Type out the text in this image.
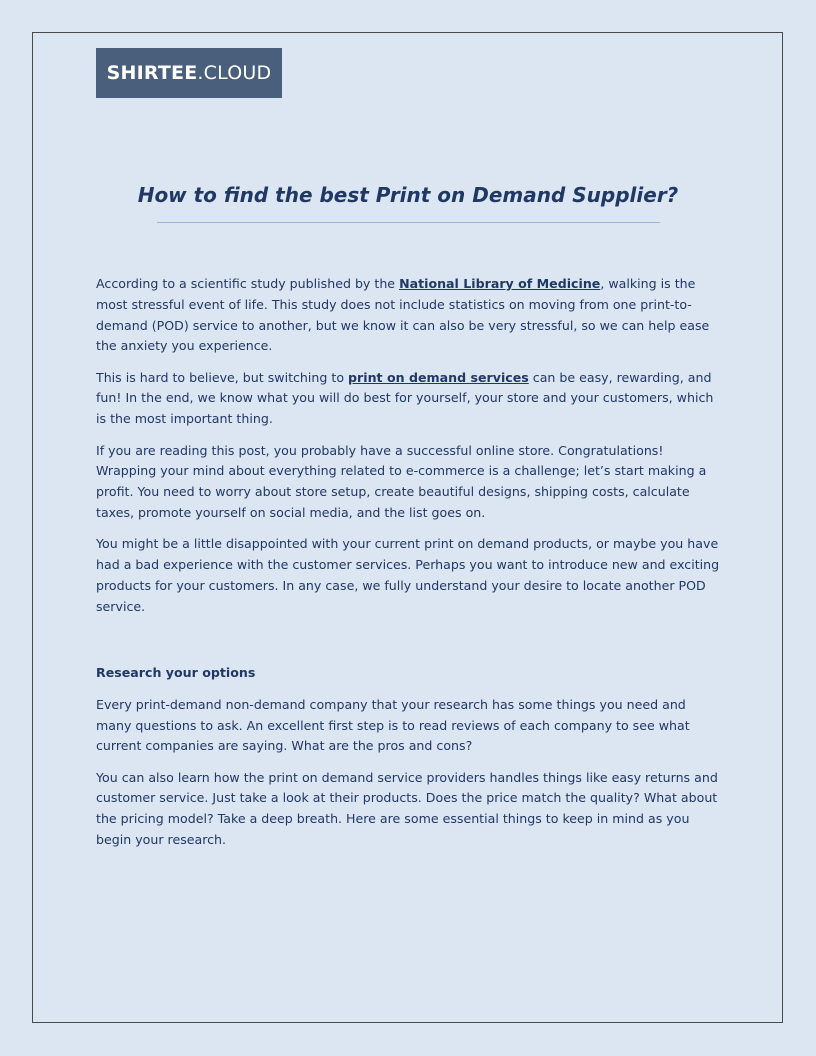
SHIRTEE . CLOUD
How to find the best Print on Demand Supplier?

According to a scientific study published by the National Library of Medicine, walking is the most stressful event of life. This study does not include statistics on moving from one print-to-demand (POD) service to another, but we know it can also be very stressful, so we can help ease the anxiety you experience.

This is hard to believe, but switching to print on demand services can be easy, rewarding, and fun! In the end, we know what you will do best for yourself, your store and your customers, which is the most important thing.

If you are reading this post, you probably have a successful online store. Congratulations! Wrapping your mind about everything related to e-commerce is a challenge; let’s start making a profit. You need to worry about store setup, create beautiful designs, shipping costs, calculate taxes, promote yourself on social media, and the list goes on.

You might be a little disappointed with your current print on demand products, or maybe you have had a bad experience with the customer services. Perhaps you want to introduce new and exciting products for your customers. In any case, we fully understand your desire to locate another POD service.

Research your options

Every print-demand non-demand company that your research has some things you need and many questions to ask. An excellent first step is to read reviews of each company to see what current companies are saying. What are the pros and cons?

You can also learn how the print on demand service providers handles things like easy returns and customer service. Just take a look at their products. Does the price match the quality? What about the pricing model? Take a deep breath. Here are some essential things to keep in mind as you begin your research.
